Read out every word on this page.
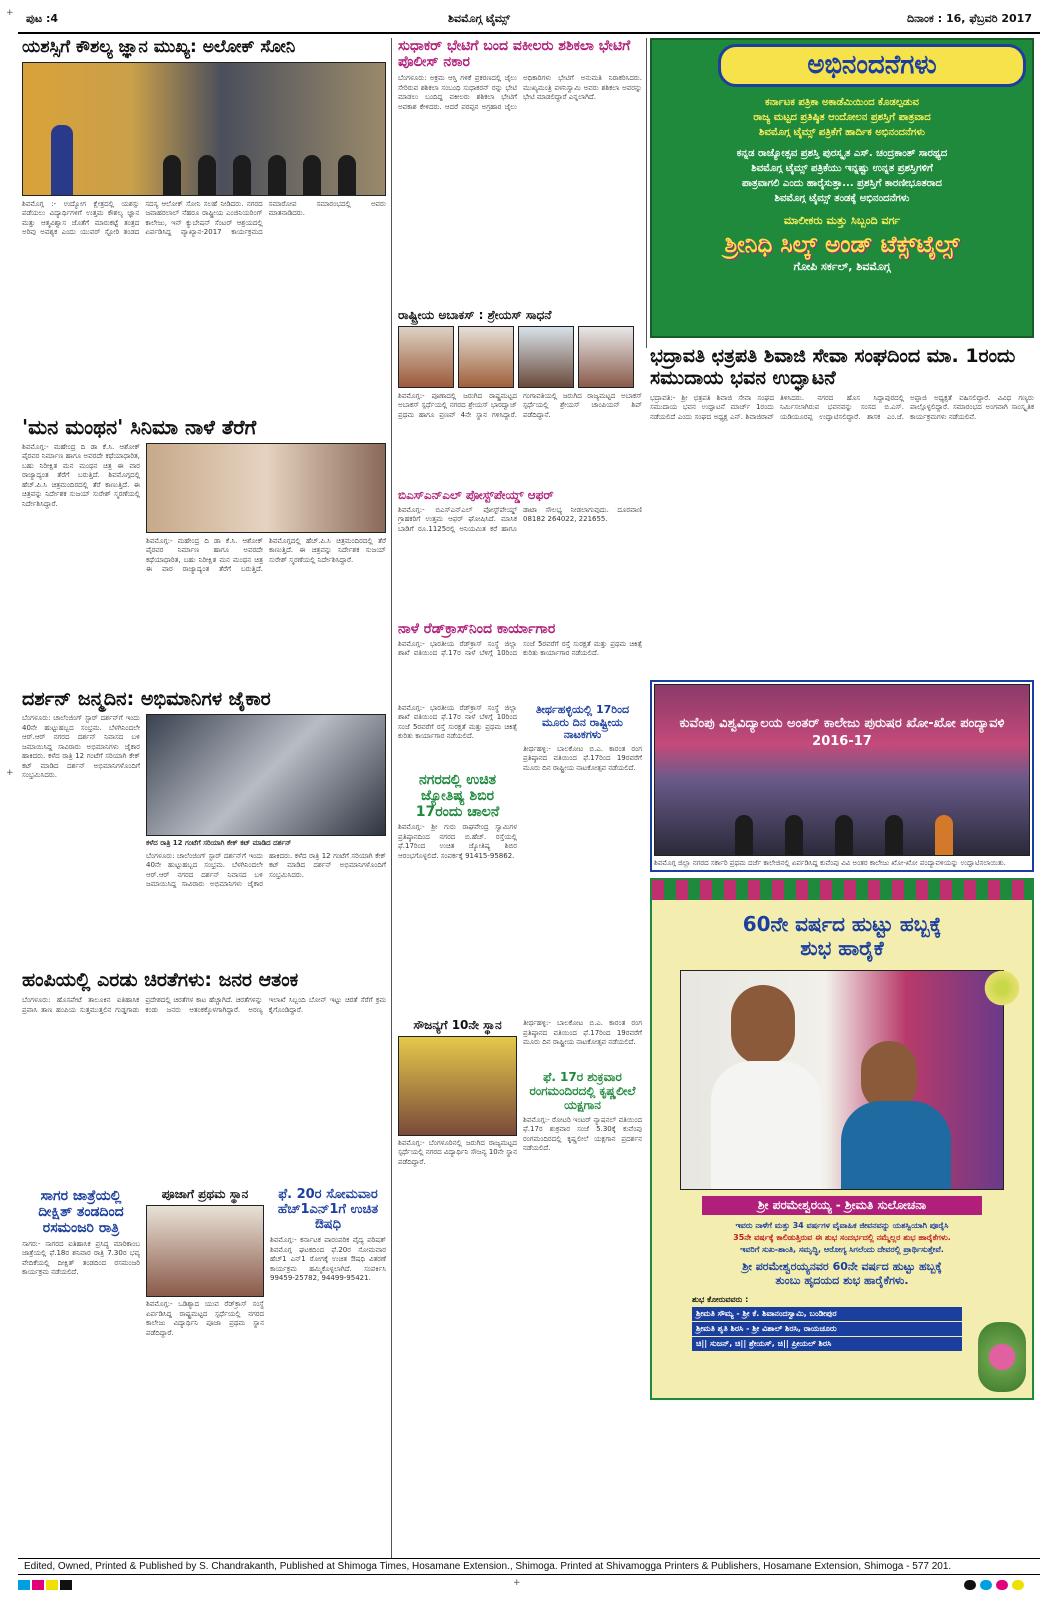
ಪುಟ :4	ಶಿವಮೊಗ್ಗ ಟೈಮ್ಸ್	ದಿನಾಂಕ : 16, ಫೆಬ್ರವರಿ 2017
ಯಶಸ್ಸಿಗೆ ಕೌಶಲ್ಯ ಜ್ಞಾನ ಮುಖ್ಯ: ಅಲೋಕ್ ಸೋನಿ
ಶಿವಮೊಗ್ಗ :- ಉದ್ಯೋಗ ಕ್ಷೇತ್ರದಲ್ಲಿ ಯಶಸ್ಸು ಪಡೆಯಲು ವಿದ್ಯಾರ್ಥಿಗಳಿಗೆ ಉತ್ತಮ ಕೌಶಲ್ಯ ಜ್ಞಾನ ಮತ್ತು ಆತ್ಮವಿಶ್ವಾಸ ಜೊತೆಗೆ ಮಾರುಕಟ್ಟೆ ತಂತ್ರದ ಅರಿವು ಅವಶ್ಯಕ ಎಂದು ಯುವರ್ ಸ್ಟೋರಿ ತಂಡದ ಸದಸ್ಯ ಆಲೋಕ್ ಸೋನಿ ಸಲಹೆ ನೀಡಿದರು. ನಗರದ ಜವಾಹರಲಾಲ್ ನೆಹರೂ ರಾಷ್ಟ್ರೀಯ ಎಂಜಿನಿಯರಿಂಗ್ ಕಾಲೇಜು, ಇನ್ ಕ್ಯುಬೇಷನ್ ಸೆಂಟರ್ ಆಶ್ರಯದಲ್ಲಿ ಏರ್ಪಡಿಸಿದ್ದ ವ್ಯಾಖ್ಯಾನ-2017 ಕಾರ್ಯಕ್ರಮದ ಸಮಾರೋಪ ಸಮಾರಂಭದಲ್ಲಿ ಅವರು ಮಾತನಾಡಿದರು.
'ಮನ ಮಂಥನ' ಸಿನಿಮಾ ನಾಳೆ ತೆರೆಗೆ
ಶಿವಮೊಗ್ಗ:- ಮಹೇಂದ್ರ ದಿ ಡಾ ಕೆ.ಸಿ. ಆಶೋಕ್ ಪೈರವರ ನಿರ್ಮಾಣ ಹಾಗೂ ಅವರದೇ ಕಥೆಯಾಧಾರಿತ, ಬಹು ನಿರೀಕ್ಷಿತ ಮನ ಮಂಥನ ಚಿತ್ರ ಈ ವಾರ ರಾಜ್ಯಾದ್ಯಂತ ತೆರೆಗೆ ಬರುತ್ತಿದೆ. ಶಿವಮೊಗ್ಗದಲ್ಲಿ ಹೆಚ್.ಪಿ.ಸಿ ಚಿತ್ರಮಂದಿರದಲ್ಲಿ ತೆರೆ ಕಾಣುತ್ತಿದೆ. ಈ ಚಿತ್ರವನ್ನು ನಿರ್ದೇಶಕ ಸುಜಯ್ ಸುರೇಶ್ ಸ್ಮರಣೆಯಲ್ಲಿ ನಿರ್ದೇಶಿಸಿದ್ದಾರೆ.
ಶಿವಮೊಗ್ಗ:- ಮಹೇಂದ್ರ ದಿ ಡಾ ಕೆ.ಸಿ. ಆಶೋಕ್ ಪೈರವರ ನಿರ್ಮಾಣ ಹಾಗೂ ಅವರದೇ ಕಥೆಯಾಧಾರಿತ, ಬಹು ನಿರೀಕ್ಷಿತ ಮನ ಮಂಥನ ಚಿತ್ರ ಈ ವಾರ ರಾಜ್ಯಾದ್ಯಂತ ತೆರೆಗೆ ಬರುತ್ತಿದೆ. ಶಿವಮೊಗ್ಗದಲ್ಲಿ ಹೆಚ್.ಪಿ.ಸಿ ಚಿತ್ರಮಂದಿರದಲ್ಲಿ ತೆರೆ ಕಾಣುತ್ತಿದೆ. ಈ ಚಿತ್ರವನ್ನು ನಿರ್ದೇಶಕ ಸುಜಯ್ ಸುರೇಶ್ ಸ್ಮರಣೆಯಲ್ಲಿ ನಿರ್ದೇಶಿಸಿದ್ದಾರೆ.
ದರ್ಶನ್ ಜನ್ಮದಿನ: ಅಭಿಮಾನಿಗಳ ಜೈಕಾರ
ಬೆಂಗಳೂರು: ಚಾಲೆಂಜಿಂಗ್ ಸ್ಟಾರ್ ದರ್ಶನ್‌ಗೆ ಇಂದು 40ನೇ ಹುಟ್ಟುಹಬ್ಬದ ಸಂಭ್ರಮ. ಬೆಳಗಿನಿಂದಲೇ ಆರ್.ಆರ್ ನಗರದ ದರ್ಶನ್ ನಿವಾಸದ ಬಳಿ ಜಮಾಯಿಸಿದ್ದ ಸಾವಿರಾರು ಅಭಿಮಾನಿಗಳು ಜೈಕಾರ ಹಾಕಿದರು. ಕಳೆದ ರಾತ್ರಿ 12 ಗಂಟೆಗೆ ಸರಿಯಾಗಿ ಕೇಕ್ ಕಟ್ ಮಾಡಿದ ದರ್ಶನ್ ಅಭಿಮಾನಿಗಳೊಂದಿಗೆ ಸಂಭ್ರಮಿಸಿದರು.
ಕಳೆದ ರಾತ್ರಿ 12 ಗಂಟೆಗೆ ಸರಿಯಾಗಿ ಕೇಕ್ ಕಟ್ ಮಾಡಿದ ದರ್ಶನ್
ಬೆಂಗಳೂರು: ಚಾಲೆಂಜಿಂಗ್ ಸ್ಟಾರ್ ದರ್ಶನ್‌ಗೆ ಇಂದು 40ನೇ ಹುಟ್ಟುಹಬ್ಬದ ಸಂಭ್ರಮ. ಬೆಳಗಿನಿಂದಲೇ ಆರ್.ಆರ್ ನಗರದ ದರ್ಶನ್ ನಿವಾಸದ ಬಳಿ ಜಮಾಯಿಸಿದ್ದ ಸಾವಿರಾರು ಅಭಿಮಾನಿಗಳು ಜೈಕಾರ ಹಾಕಿದರು. ಕಳೆದ ರಾತ್ರಿ 12 ಗಂಟೆಗೆ ಸರಿಯಾಗಿ ಕೇಕ್ ಕಟ್ ಮಾಡಿದ ದರ್ಶನ್ ಅಭಿಮಾನಿಗಳೊಂದಿಗೆ ಸಂಭ್ರಮಿಸಿದರು.
ಹಂಪಿಯಲ್ಲಿ ಎರಡು ಚಿರತೆಗಳು: ಜನರ ಆತಂಕ
ಬೆಂಗಳೂರು: ಹೊಸಪೇಟೆ ತಾಲೂಕಿನ ಐತಿಹಾಸಿಕ ಪ್ರವಾಸಿ ತಾಣ ಹಂಪಿಯ ಸುತ್ತಮುತ್ತಲಿನ ಗುಡ್ಡಗಾಡು ಪ್ರದೇಶದಲ್ಲಿ ಚಿರತೆಗಳ ಕಾಟ ಹೆಚ್ಚಾಗಿದೆ. ಚಿರತೆಗಳನ್ನು ಕಂಡು ಜನರು ಆತಂಕಕ್ಕೊಳಗಾಗಿದ್ದಾರೆ. ಅರಣ್ಯ ಇಲಾಖೆ ಸಿಬ್ಬಂದಿ ಬೋನ್ ಇಟ್ಟು ಚಿರತೆ ಸೆರೆಗೆ ಕ್ರಮ ಕೈಗೊಂಡಿದ್ದಾರೆ.
ಸಾಗರ ಜಾತ್ರೆಯಲ್ಲಿ ದೀಕ್ಷಿತ್ ತಂಡದಿಂದ ರಸಮಂಜರಿ ರಾತ್ರಿ
ಸಾಗರ:- ಸಾಗರದ ಐತಿಹಾಸಿಕ ಪ್ರಸಿದ್ಧ ಮಾರಿಕಾಂಬ ಜಾತ್ರೆಯಲ್ಲಿ ಫೆ.18ರ ಶನಿವಾರ ರಾತ್ರಿ 7.30ರ ಭವ್ಯ ವೇದಿಕೆಯಲ್ಲಿ ದೀಕ್ಷಿತ್ ತಂಡದಿಂದ ರಸಮಂಜರಿ ಕಾರ್ಯಕ್ರಮ ನಡೆಯಲಿದೆ.
ಪೂಜಾಗೆ ಪ್ರಥಮ ಸ್ಥಾನ
ಶಿವಮೊಗ್ಗ:- ಒಡಿಶ್ಯಾದ ಯುವ ರೆಡ್‌ಕ್ರಾಸ್ ಸಂಸ್ಥೆ ಏರ್ಪಡಿಸಿದ್ದ ರಾಷ್ಟ್ರಮಟ್ಟದ ಸ್ಪರ್ಧೆಯಲ್ಲಿ ನಗರದ ಕಾಲೇಜು ವಿದ್ಯಾರ್ಥಿನಿ ಪೂಜಾ ಪ್ರಥಮ ಸ್ಥಾನ ಪಡೆದಿದ್ದಾರೆ.
ಫೆ. 20ರ ಸೋಮವಾರ ಹೆಚ್1ಎನ್1ಗೆ ಉಚಿತ ಔಷಧಿ
ಶಿವಮೊಗ್ಗ:- ಕರ್ನಾಟಕ ಪಾರಂಪರಿಕ ವೈದ್ಯ ಪರಿಷತ್ ಶಿವಮೊಗ್ಗ ಘಟಕದಿಂದ ಫೆ.20ರ ಸೋಮವಾರ ಹೆಚ್1 ಎನ್1 ರೋಗಕ್ಕೆ ಉಚಿತ ಔಷಧಿ ವಿತರಣೆ ಕಾರ್ಯಕ್ರಮ ಹಮ್ಮಿಕೊಳ್ಳಲಾಗಿದೆ. ಸಂಪರ್ಕಿಸಿ 99459-25782, 94499-95421.
ಸುಧಾಕರ್ ಭೇಟಿಗೆ ಬಂದ ವಕೀಲರು ಶಶಿಕಲಾ ಭೇಟಿಗೆ ಪೊಲೀಸ್ ನಕಾರ
ಬೆಂಗಳೂರು: ಅಕ್ರಮ ಆಸ್ತಿ ಗಳಿಕೆ ಪ್ರಕರಣದಲ್ಲಿ ಜೈಲು ಸೇರಿರುವ ಶಶಿಕಲಾ ಸಂಬಂಧಿ ಸುಧಾಕರನ್ ರನ್ನು ಭೇಟಿ ಮಾಡಲು ಬಂದಿದ್ದ ವಕೀಲರು ಶಶಿಕಲಾ ಭೇಟಿಗೆ ಅವಕಾಶ ಕೇಳಿದರು. ಆದರೆ ಪರಪ್ಪನ ಅಗ್ರಹಾರ ಜೈಲು ಅಧಿಕಾರಿಗಳು ಭೇಟಿಗೆ ಅನುಮತಿ ನಿರಾಕರಿಸಿದರು. ಮುಖ್ಯಮಂತ್ರಿ ಪಳನಿಸ್ವಾಮಿ ಅವರು ಶಶಿಕಲಾ ಅವರನ್ನು ಭೇಟಿ ಮಾಡಲಿದ್ದಾರೆ ಎನ್ನಲಾಗಿದೆ.
ರಾಷ್ಟ್ರೀಯ ಅಬಾಕಸ್ : ಶ್ರೇಯಸ್ ಸಾಧನೆ
ಶಿವಮೊಗ್ಗ:- ಪೂಣಾದಲ್ಲಿ ಜರುಗಿದ ರಾಷ್ಟ್ರಮಟ್ಟದ ಅಬಾಕಸ್ ಸ್ಪರ್ಧೆಯಲ್ಲಿ ನಗರದ ಶ್ರೇಯಸ್ ಭಾರದ್ವಾಜ್ ಪ್ರಥಮ ಹಾಗೂ ಪ್ರಣವ್ 4ನೇ ಸ್ಥಾನ ಗಳಿಸಿದ್ದಾರೆ. ಗಂಗಾವತಿಯಲ್ಲಿ ಜರುಗಿದ ರಾಜ್ಯಮಟ್ಟದ ಅಬಾಕಸ್ ಸ್ಪರ್ಧೆಯಲ್ಲಿ ಶ್ರೇಯಸ್ ಚಾಂಪಿಯನ್ ಶಿಪ್ ಪಡೆದಿದ್ದಾನೆ.
ಬಿಎಸ್‌ಎನ್‌ಎಲ್ ಪೋಸ್ಟ್‌ಪೇಯ್ಡ್ ಆಫರ್
ಶಿವಮೊಗ್ಗ:- ಬಿಎಸ್‌ಎನ್‌ಎಲ್ ಪೋಸ್ಟ್‌ಪೇಯ್ಡ್ ಗ್ರಾಹಕರಿಗೆ ಉತ್ತಮ ಆಫರ್ ಘೋಷಿಸಿದೆ. ಮಾಸಿಕ ಬಾಡಿಗೆ ರೂ.1125ರಲ್ಲಿ ಅನಿಯಮಿತ ಕರೆ ಹಾಗೂ ಡಾಟಾ ಸೌಲಭ್ಯ ನೀಡಲಾಗುವುದು. ದೂರವಾಣಿ 08182 264022, 221655.
ನಾಳೆ ರೆಡ್‌ಕ್ರಾಸ್‌ನಿಂದ ಕಾರ್ಯಾಗಾರ
ಶಿವಮೊಗ್ಗ:- ಭಾರತೀಯ ರೆಡ್‌ಕ್ರಾಸ್ ಸಂಸ್ಥೆ ಜಿಲ್ಲಾ ಶಾಖೆ ವತಿಯಿಂದ ಫೆ.17ರ ನಾಳೆ ಬೆಳಿಗ್ಗೆ 10ರಿಂದ ಸಂಜೆ 5ರವರೆಗೆ ರಸ್ತೆ ಸುರಕ್ಷತೆ ಮತ್ತು ಪ್ರಥಮ ಚಿಕಿತ್ಸೆ ಕುರಿತು ಕಾರ್ಯಾಗಾರ ನಡೆಯಲಿದೆ.
ಶಿವಮೊಗ್ಗ:- ಭಾರತೀಯ ರೆಡ್‌ಕ್ರಾಸ್ ಸಂಸ್ಥೆ ಜಿಲ್ಲಾ ಶಾಖೆ ವತಿಯಿಂದ ಫೆ.17ರ ನಾಳೆ ಬೆಳಿಗ್ಗೆ 10ರಿಂದ ಸಂಜೆ 5ರವರೆಗೆ ರಸ್ತೆ ಸುರಕ್ಷತೆ ಮತ್ತು ಪ್ರಥಮ ಚಿಕಿತ್ಸೆ ಕುರಿತು ಕಾರ್ಯಾಗಾರ ನಡೆಯಲಿದೆ.
ನಗರದಲ್ಲಿ ಉಚಿತ ಜ್ಯೋತಿಷ್ಯ ಶಿಬಿರ 17ರಂದು ಚಾಲನೆ
ಶಿವಮೊಗ್ಗ:- ಶ್ರೀ ಗುರು ರಾಘವೇಂದ್ರ ಸ್ವಾಮಿಗಳ ಪ್ರತಿಷ್ಠಾನದಿಂದ ನಗರದ ಬಿ.ಹೆಚ್. ರಸ್ತೆಯಲ್ಲಿ ಫೆ.17ರಿಂದ ಉಚಿತ ಜ್ಯೋತಿಷ್ಯ ಶಿಬಿರ ಆರಂಭಗೊಳ್ಳಲಿದೆ. ಸಂಪರ್ಕಕ್ಕೆ 91415-95862.
ತೀರ್ಥಹಳ್ಳಿಯಲ್ಲಿ 17ರಿಂದ ಮೂರು ದಿನ ರಾಷ್ಟ್ರೀಯ ನಾಟಕಗಳು
ತೀರ್ಥಹಳ್ಳಿ:- ಬಾಲಕೋಟ ಬಿ.ಎ. ಕಾರಂತ ರಂಗ ಪ್ರತಿಷ್ಠಾನದ ವತಿಯಿಂದ ಫೆ.17ರಿಂದ 19ರವರೆಗೆ ಮೂರು ದಿನ ರಾಷ್ಟ್ರೀಯ ನಾಟಕೋತ್ಸವ ನಡೆಯಲಿದೆ.
ಸೌಜನ್ಯಗೆ 10ನೇ ಸ್ಥಾನ
ಶಿವಮೊಗ್ಗ:- ಬೆಂಗಳೂರಿನಲ್ಲಿ ಜರುಗಿದ ರಾಜ್ಯಮಟ್ಟದ ಸ್ಪರ್ಧೆಯಲ್ಲಿ ನಗರದ ವಿದ್ಯಾರ್ಥಿನಿ ಸೌಜನ್ಯ 10ನೇ ಸ್ಥಾನ ಪಡೆದಿದ್ದಾರೆ.
ತೀರ್ಥಹಳ್ಳಿ:- ಬಾಲಕೋಟ ಬಿ.ಎ. ಕಾರಂತ ರಂಗ ಪ್ರತಿಷ್ಠಾನದ ವತಿಯಿಂದ ಫೆ.17ರಿಂದ 19ರವರೆಗೆ ಮೂರು ದಿನ ರಾಷ್ಟ್ರೀಯ ನಾಟಕೋತ್ಸವ ನಡೆಯಲಿದೆ.
ಫೆ. 17ರ ಶುಕ್ರವಾರ ರಂಗಮಂದಿರದಲ್ಲಿ ಕೃಷ್ಣಲೀಲೆ ಯಕ್ಷಗಾನ
ಶಿವಮೊಗ್ಗ:- ರೋಟರಿ ಇಂಟರ್ ನ್ಯಾಷನಲ್ ವತಿಯಿಂದ ಫೆ.17ರ ಶುಕ್ರವಾರ ಸಂಜೆ 5.30ಕ್ಕೆ ಕುವೆಂಪು ರಂಗಮಂದಿರದಲ್ಲಿ ಕೃಷ್ಣಲೀಲೆ ಯಕ್ಷಗಾನ ಪ್ರದರ್ಶನ ನಡೆಯಲಿದೆ.
ಅಭಿನಂದನೆಗಳು
ಕರ್ನಾಟಕ ಪತ್ರಿಕಾ ಅಕಾಡೆಮಿಯಿಂದ ಕೊಡಲ್ಪಡುವ
ರಾಜ್ಯ ಮಟ್ಟದ ಪ್ರತಿಷ್ಠಿತ ಆಂದೋಲನ ಪ್ರಶಸ್ತಿಗೆ ಪಾತ್ರವಾದ
ಶಿವಮೊಗ್ಗ ಟೈಮ್ಸ್ ಪತ್ರಿಕೆಗೆ ಹಾರ್ದಿಕ ಅಭಿನಂದನೆಗಳು
ಕನ್ನಡ ರಾಜ್ಯೋತ್ಸವ ಪ್ರಶಸ್ತಿ ಪುರಸ್ಕೃತ ಎಸ್. ಚಂದ್ರಕಾಂತ್ ಸಾರಥ್ಯದ
ಶಿವಮೊಗ್ಗ ಟೈಮ್ಸ್ ಪತ್ರಿಕೆಯು ಇನ್ನಷ್ಟು ಉನ್ನತ ಪ್ರಶಸ್ತಿಗಳಿಗೆ
ಪಾತ್ರವಾಗಲಿ ಎಂದು ಹಾರೈಸುತ್ತಾ... ಪ್ರಶಸ್ತಿಗೆ ಕಾರಣೀಭೂತರಾದ
ಶಿವಮೊಗ್ಗ ಟೈಮ್ಸ್ ತಂಡಕ್ಕೆ ಅಭಿನಂದನೆಗಳು
ಮಾಲೀಕರು ಮತ್ತು ಸಿಬ್ಬಂದಿ ವರ್ಗ
ಶ್ರೀನಿಧಿ ಸಿಲ್ಕ್ ಅಂಡ್ ಟೆಕ್ಸ್‌ಟೈಲ್ಸ್
ಗೋಪಿ ಸರ್ಕಲ್, ಶಿವಮೊಗ್ಗ
ಭದ್ರಾವತಿ ಛತ್ರಪತಿ ಶಿವಾಜಿ ಸೇವಾ ಸಂಘದಿಂದ ಮಾ. 1ರಂದು ಸಮುದಾಯ ಭವನ ಉದ್ಘಾಟನೆ
ಭದ್ರಾವತಿ:- ಶ್ರೀ ಛತ್ರಪತಿ ಶಿವಾಜಿ ಸೇವಾ ಸಂಘದ ಸಮುದಾಯ ಭವನ ಉದ್ಘಾಟನೆ ಮಾರ್ಚ್ 1ರಂದು ನಡೆಯಲಿದೆ ಎಂದು ಸಂಘದ ಅಧ್ಯಕ್ಷ ಎನ್. ಶಿವಾಜಿರಾವ್ ತಿಳಿಸಿದರು. ನಗರದ ಹೊಸ ಸಿದ್ದಾಪುರದಲ್ಲಿ ನಿರ್ಮಿಸಲಾಗಿರುವ ಭವನವನ್ನು ಸಂಸದ ಬಿ.ಎಸ್. ಯಡಿಯೂರಪ್ಪ ಉದ್ಘಾಟಿಸಲಿದ್ದಾರೆ. ಶಾಸಕ ಎಂ.ಜೆ. ಅಪ್ಪಾಜಿ ಅಧ್ಯಕ್ಷತೆ ವಹಿಸಲಿದ್ದಾರೆ. ವಿವಿಧ ಗಣ್ಯರು ಪಾಲ್ಗೊಳ್ಳಲಿದ್ದಾರೆ. ಸಮಾರಂಭದ ಅಂಗವಾಗಿ ಸಾಂಸ್ಕೃತಿಕ ಕಾರ್ಯಕ್ರಮಗಳು ನಡೆಯಲಿವೆ.
ಕುವೆಂಪು ವಿಶ್ವವಿದ್ಯಾಲಯ ಅಂತರ್ ಕಾಲೇಜು ಪುರುಷರ ಖೋ-ಖೋ ಪಂದ್ಯಾವಳಿ 2016-17
ಶಿವಮೊಗ್ಗ ಜಿಲ್ಲಾ ನಗರದ ಸರ್ಕಾರಿ ಪ್ರಥಮ ದರ್ಜೆ ಕಾಲೇಜಿನಲ್ಲಿ ಏರ್ಪಡಿಸಿದ್ದ ಕುವೆಂಪು ವಿವಿ ಅಂತರ ಕಾಲೇಜು ಖೋ-ಖೋ ಪಂದ್ಯಾವಳಿಯನ್ನು ಉದ್ಘಾಟಿಸಲಾಯಿತು.
60ನೇ ವರ್ಷದ ಹುಟ್ಟು ಹಬ್ಬಕ್ಕೆ
ಶುಭ ಹಾರೈಕೆ
ಶ್ರೀ ಪರಮೇಶ್ವರಯ್ಯ - ಶ್ರೀಮತಿ ಸುಲೋಚನಾ
ಇವರು ನಾಳೆಗೆ ಮತ್ತು 34 ವರ್ಷಗಳ ವೈವಾಹಿಕ ಜೀವನವನ್ನು ಯಶಸ್ವಿಯಾಗಿ ಪೂರೈಸಿ
35ನೇ ವರ್ಷಕ್ಕೆ ಕಾಲಿಡುತ್ತಿರುವ ಈ ಶುಭ ಸಂದರ್ಭದಲ್ಲಿ ನಮ್ಮೆಲ್ಲರ ಶುಭ ಹಾರೈಕೆಗಳು.
ಇವರಿಗೆ ಸುಖ-ಶಾಂತಿ, ಸಮೃದ್ಧಿ, ಆರೋಗ್ಯ ಸಿಗಲೆಂದು ದೇವರಲ್ಲಿ ಪ್ರಾರ್ಥಿಸುತ್ತೇವೆ.
ಶ್ರೀ ಪರಮೇಶ್ವರಯ್ಯನವರ 60ನೇ ವರ್ಷದ ಹುಟ್ಟು ಹಬ್ಬಕ್ಕೆ
ತುಂಬು ಹೃದಯದ ಶುಭ ಹಾರೈಕೆಗಳು.
ಶುಭ ಕೋರುವವರು :
ಶ್ರೀಮತಿ ಸೌಮ್ಯ - ಶ್ರೀ ಕೆ. ಶಿವಾನಂದಸ್ವಾಮಿ, ಬಂಡೀಪುರ
ಶ್ರೀಮತಿ ಶೃತಿ ಶಿರಸಿ - ಶ್ರೀ ವಿಶಾಲ್ ಶಿರಸಿ, ರಾಯಚೂರು
ಚಿ|| ಸುಜನ್, ಚಿ|| ಶ್ರೇಯಸ್, ಚಿ|| ಪ್ರೀಯಲ್ ಶಿರಸಿ
Edited, Owned, Printed & Published by S. Chandrakanth, Published at Shimoga Times, Hosamane Extension., Shimoga. Printed at Shivamogga Printers & Publishers, Hosamane Extension, Shimoga - 577 201.
+
+
+
